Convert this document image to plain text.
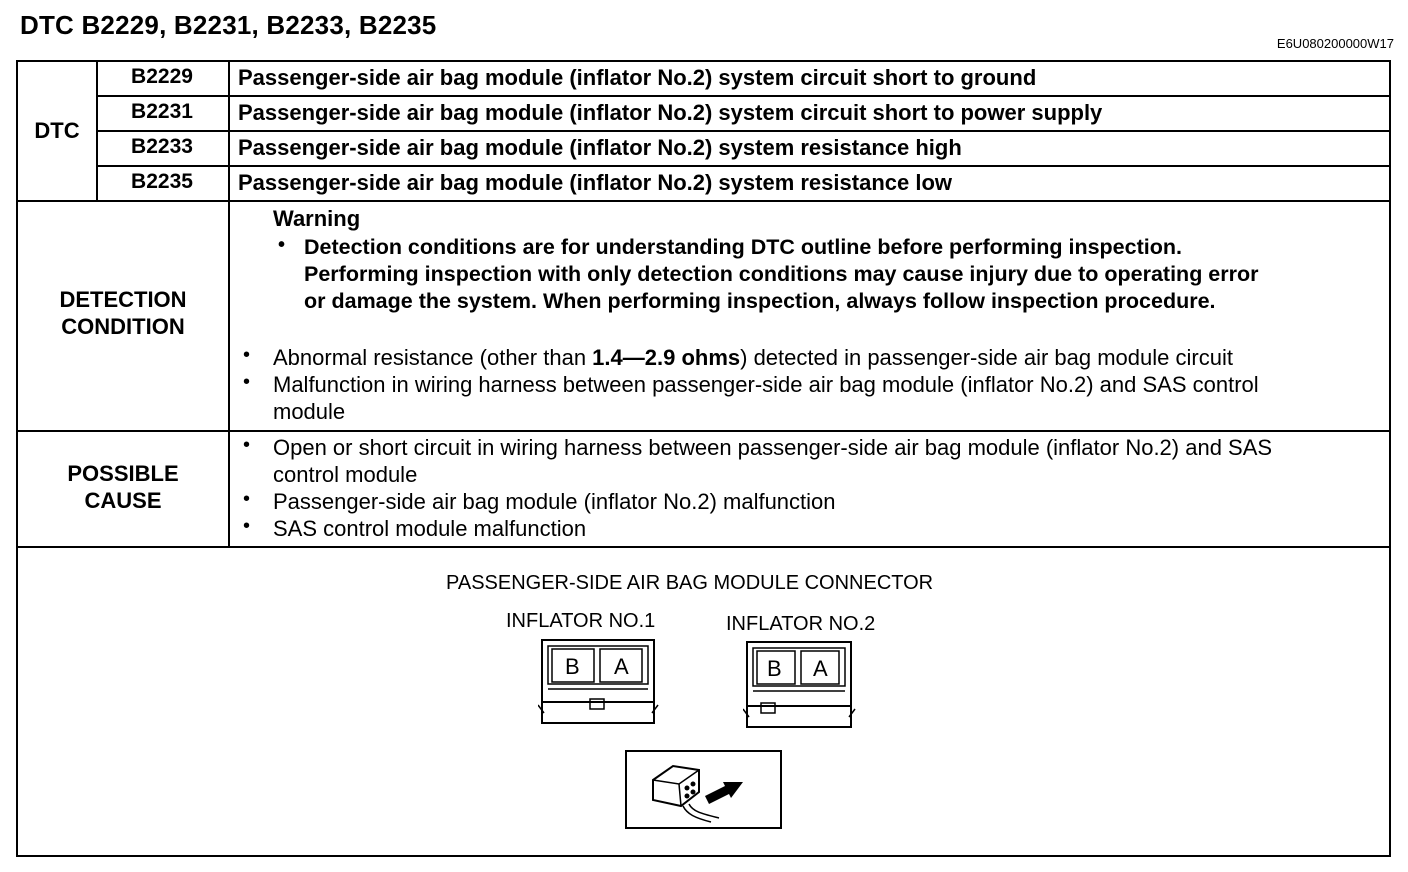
DTC B2229, B2231, B2233, B2235
E6U080200000W17
DTC
B2229	Passenger-side air bag module (inflator No.2) system circuit short to ground
B2231	Passenger-side air bag module (inflator No.2) system circuit short to power supply
B2233	Passenger-side air bag module (inflator No.2) system resistance high
B2235	Passenger-side air bag module (inflator No.2) system resistance low
DETECTION
CONDITION
Warning
• Detection conditions are for understanding DTC outline before performing inspection.
Performing inspection with only detection conditions may cause injury due to operating error
or damage the system. When performing inspection, always follow inspection procedure.
• Abnormal resistance (other than 1.4—2.9 ohms) detected in passenger-side air bag module circuit
• Malfunction in wiring harness between passenger-side air bag module (inflator No.2) and SAS control
module
POSSIBLE
CAUSE
• Open or short circuit in wiring harness between passenger-side air bag module (inflator No.2) and SAS
control module
• Passenger-side air bag module (inflator No.2) malfunction
• SAS control module malfunction
PASSENGER-SIDE AIR BAG MODULE CONNECTOR
INFLATOR NO.1	INFLATOR NO.2
B A	B A
